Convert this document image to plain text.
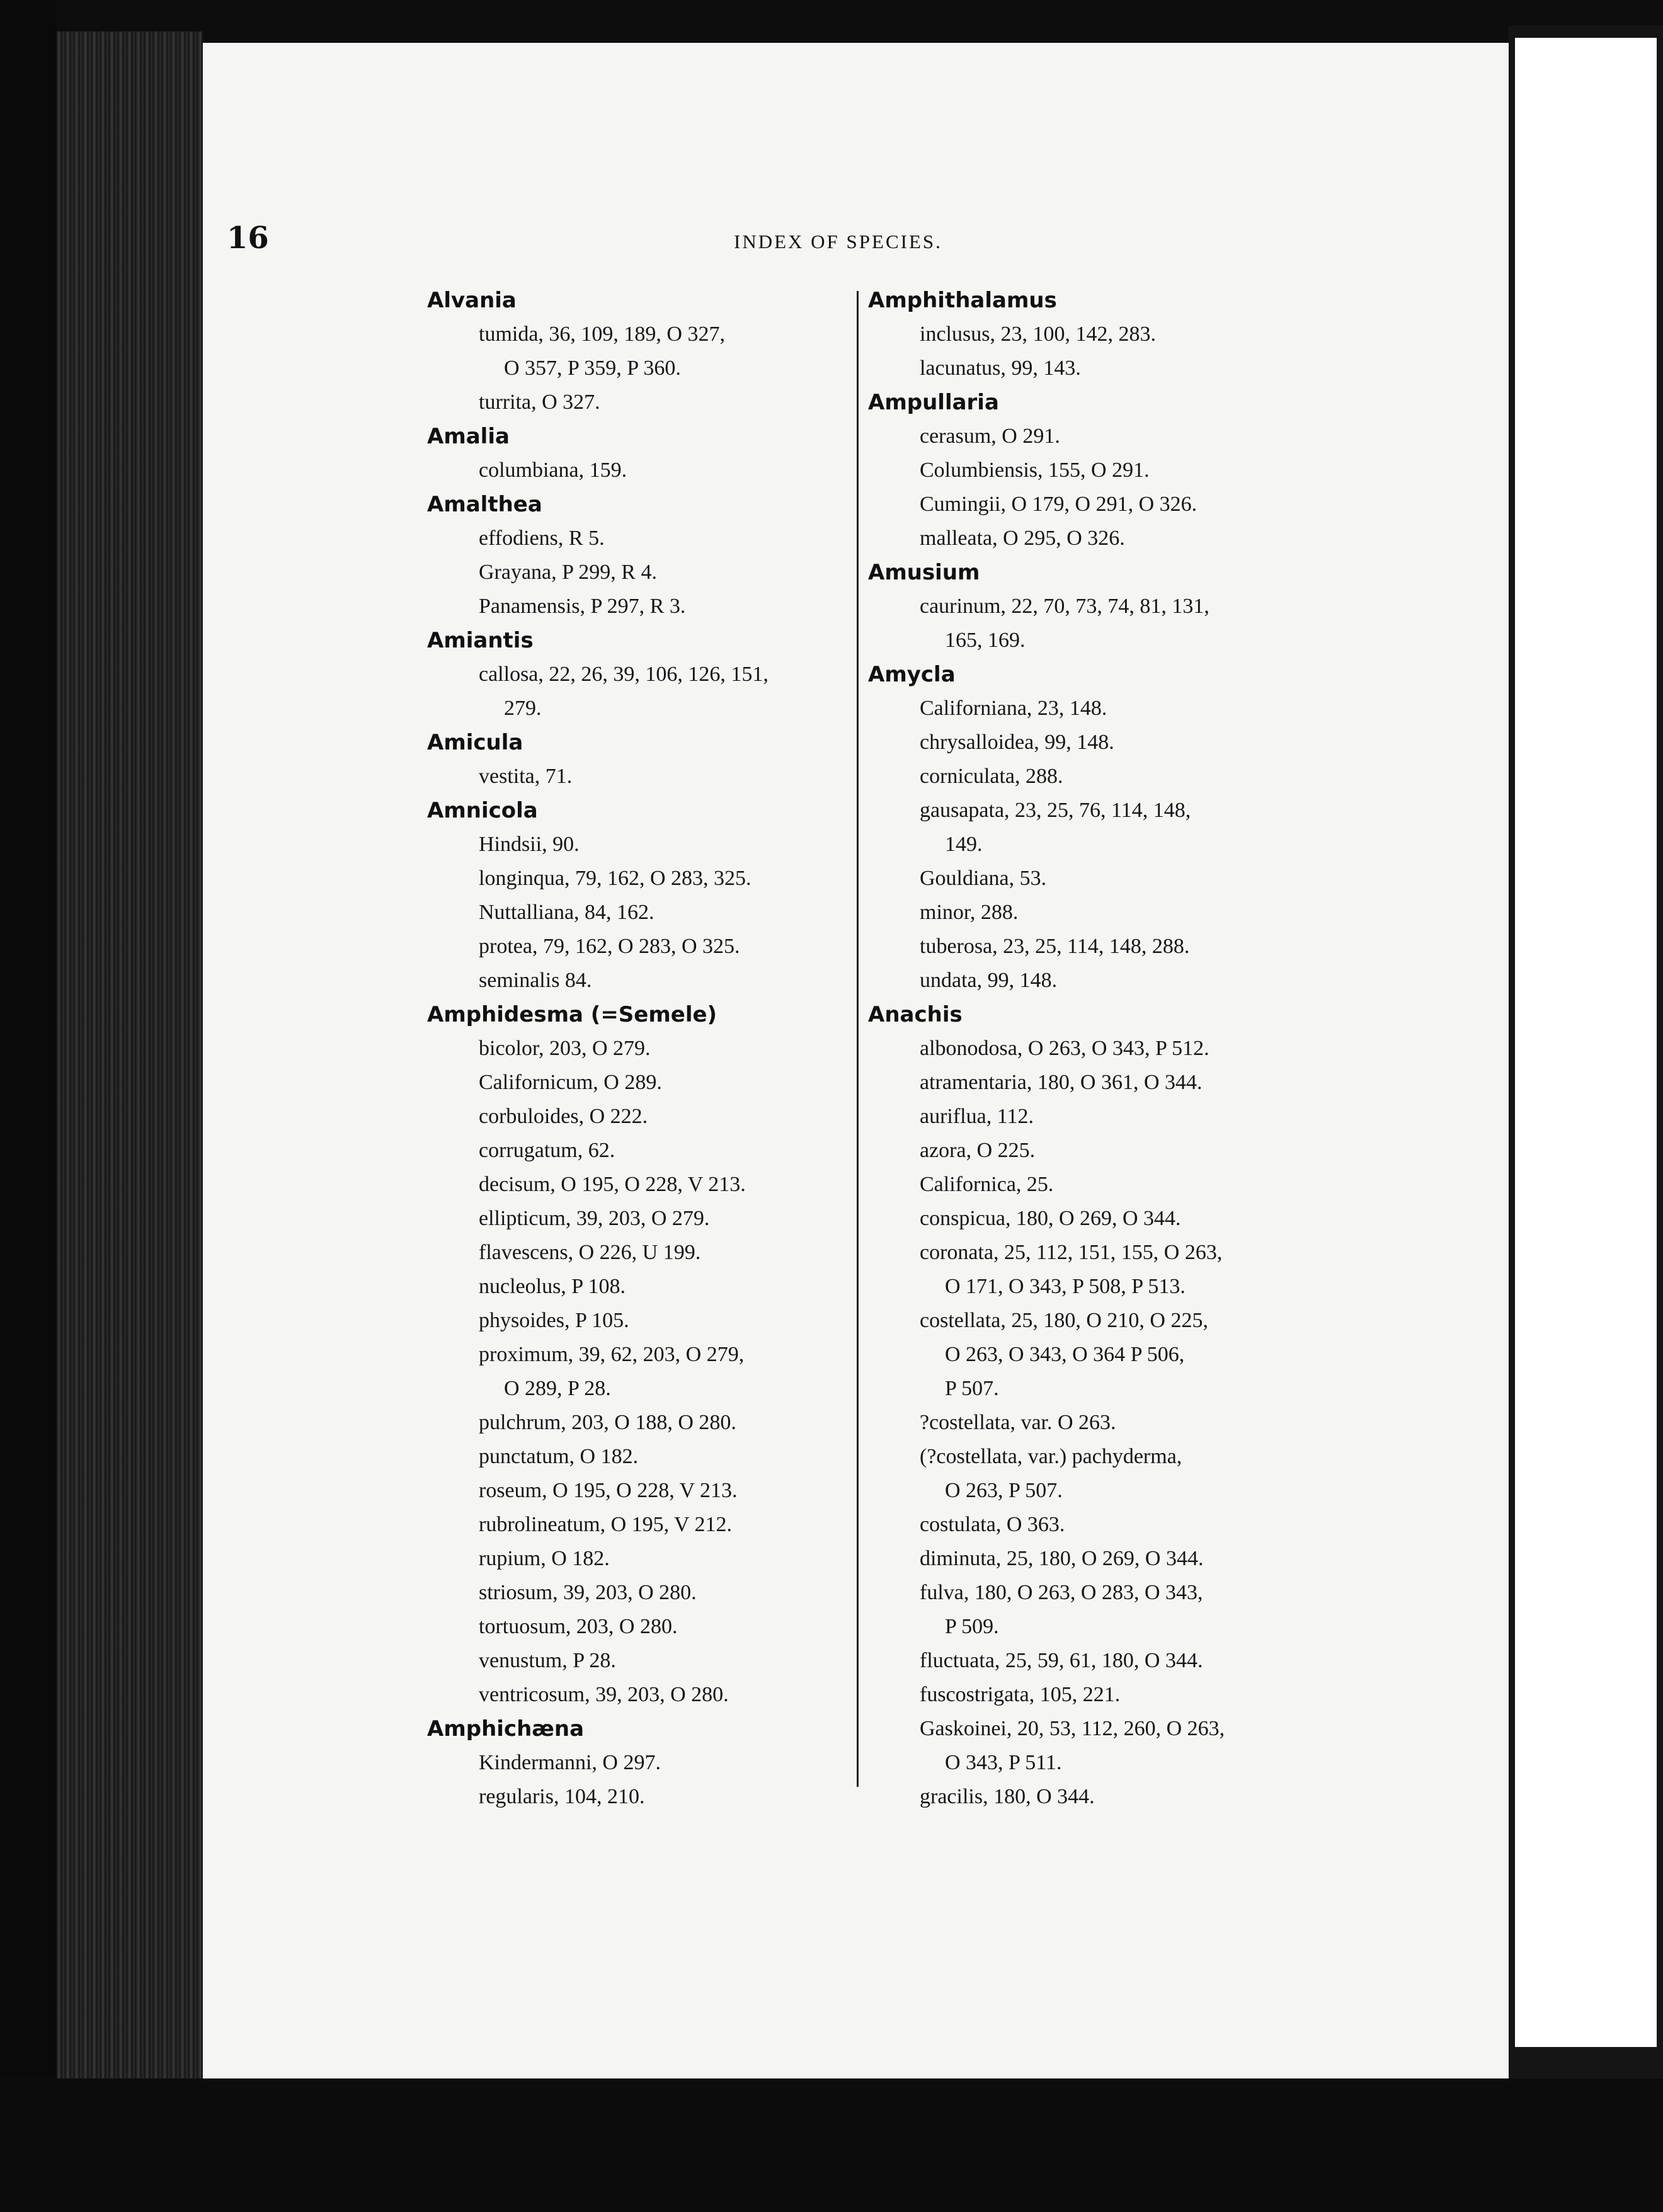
16	INDEX OF SPECIES.
Alvania
tumida, 36, 109, 189, O 327,
O 357, P 359, P 360.
turrita, O 327.
Amalia
columbiana, 159.
Amalthea
effodiens, R 5.
Grayana, P 299, R 4.
Panamensis, P 297, R 3.
Amiantis
callosa, 22, 26, 39, 106, 126, 151,
279.
Amicula
vestita, 71.
Amnicola
Hindsii, 90.
longinqua, 79, 162, O 283, 325.
Nuttalliana, 84, 162.
protea, 79, 162, O 283, O 325.
seminalis 84.
Amphidesma (=Semele)
bicolor, 203, O 279.
Californicum, O 289.
corbuloides, O 222.
corrugatum, 62.
decisum, O 195, O 228, V 213.
ellipticum, 39, 203, O 279.
flavescens, O 226, U 199.
nucleolus, P 108.
physoides, P 105.
proximum, 39, 62, 203, O 279,
O 289, P 28.
pulchrum, 203, O 188, O 280.
punctatum, O 182.
roseum, O 195, O 228, V 213.
rubrolineatum, O 195, V 212.
rupium, O 182.
striosum, 39, 203, O 280.
tortuosum, 203, O 280.
venustum, P 28.
ventricosum, 39, 203, O 280.
Amphichæna
Kindermanni, O 297.
regularis, 104, 210.
Amphithalamus
inclusus, 23, 100, 142, 283.
lacunatus, 99, 143.
Ampullaria
cerasum, O 291.
Columbiensis, 155, O 291.
Cumingii, O 179, O 291, O 326.
malleata, O 295, O 326.
Amusium
caurinum, 22, 70, 73, 74, 81, 131,
165, 169.
Amycla
Californiana, 23, 148.
chrysalloidea, 99, 148.
corniculata, 288.
gausapata, 23, 25, 76, 114, 148,
149.
Gouldiana, 53.
minor, 288.
tuberosa, 23, 25, 114, 148, 288.
undata, 99, 148.
Anachis
albonodosa, O 263, O 343, P 512.
atramentaria, 180, O 361, O 344.
auriflua, 112.
azora, O 225.
Californica, 25.
conspicua, 180, O 269, O 344.
coronata, 25, 112, 151, 155, O 263,
O 171, O 343, P 508, P 513.
costellata, 25, 180, O 210, O 225,
O 263, O 343, O 364 P 506,
P 507.
?costellata, var. O 263.
(?costellata, var.) pachyderma,
O 263, P 507.
costulata, O 363.
diminuta, 25, 180, O 269, O 344.
fulva, 180, O 263, O 283, O 343,
P 509.
fluctuata, 25, 59, 61, 180, O 344.
fuscostrigata, 105, 221.
Gaskoinei, 20, 53, 112, 260, O 263,
O 343, P 511.
gracilis, 180, O 344.
